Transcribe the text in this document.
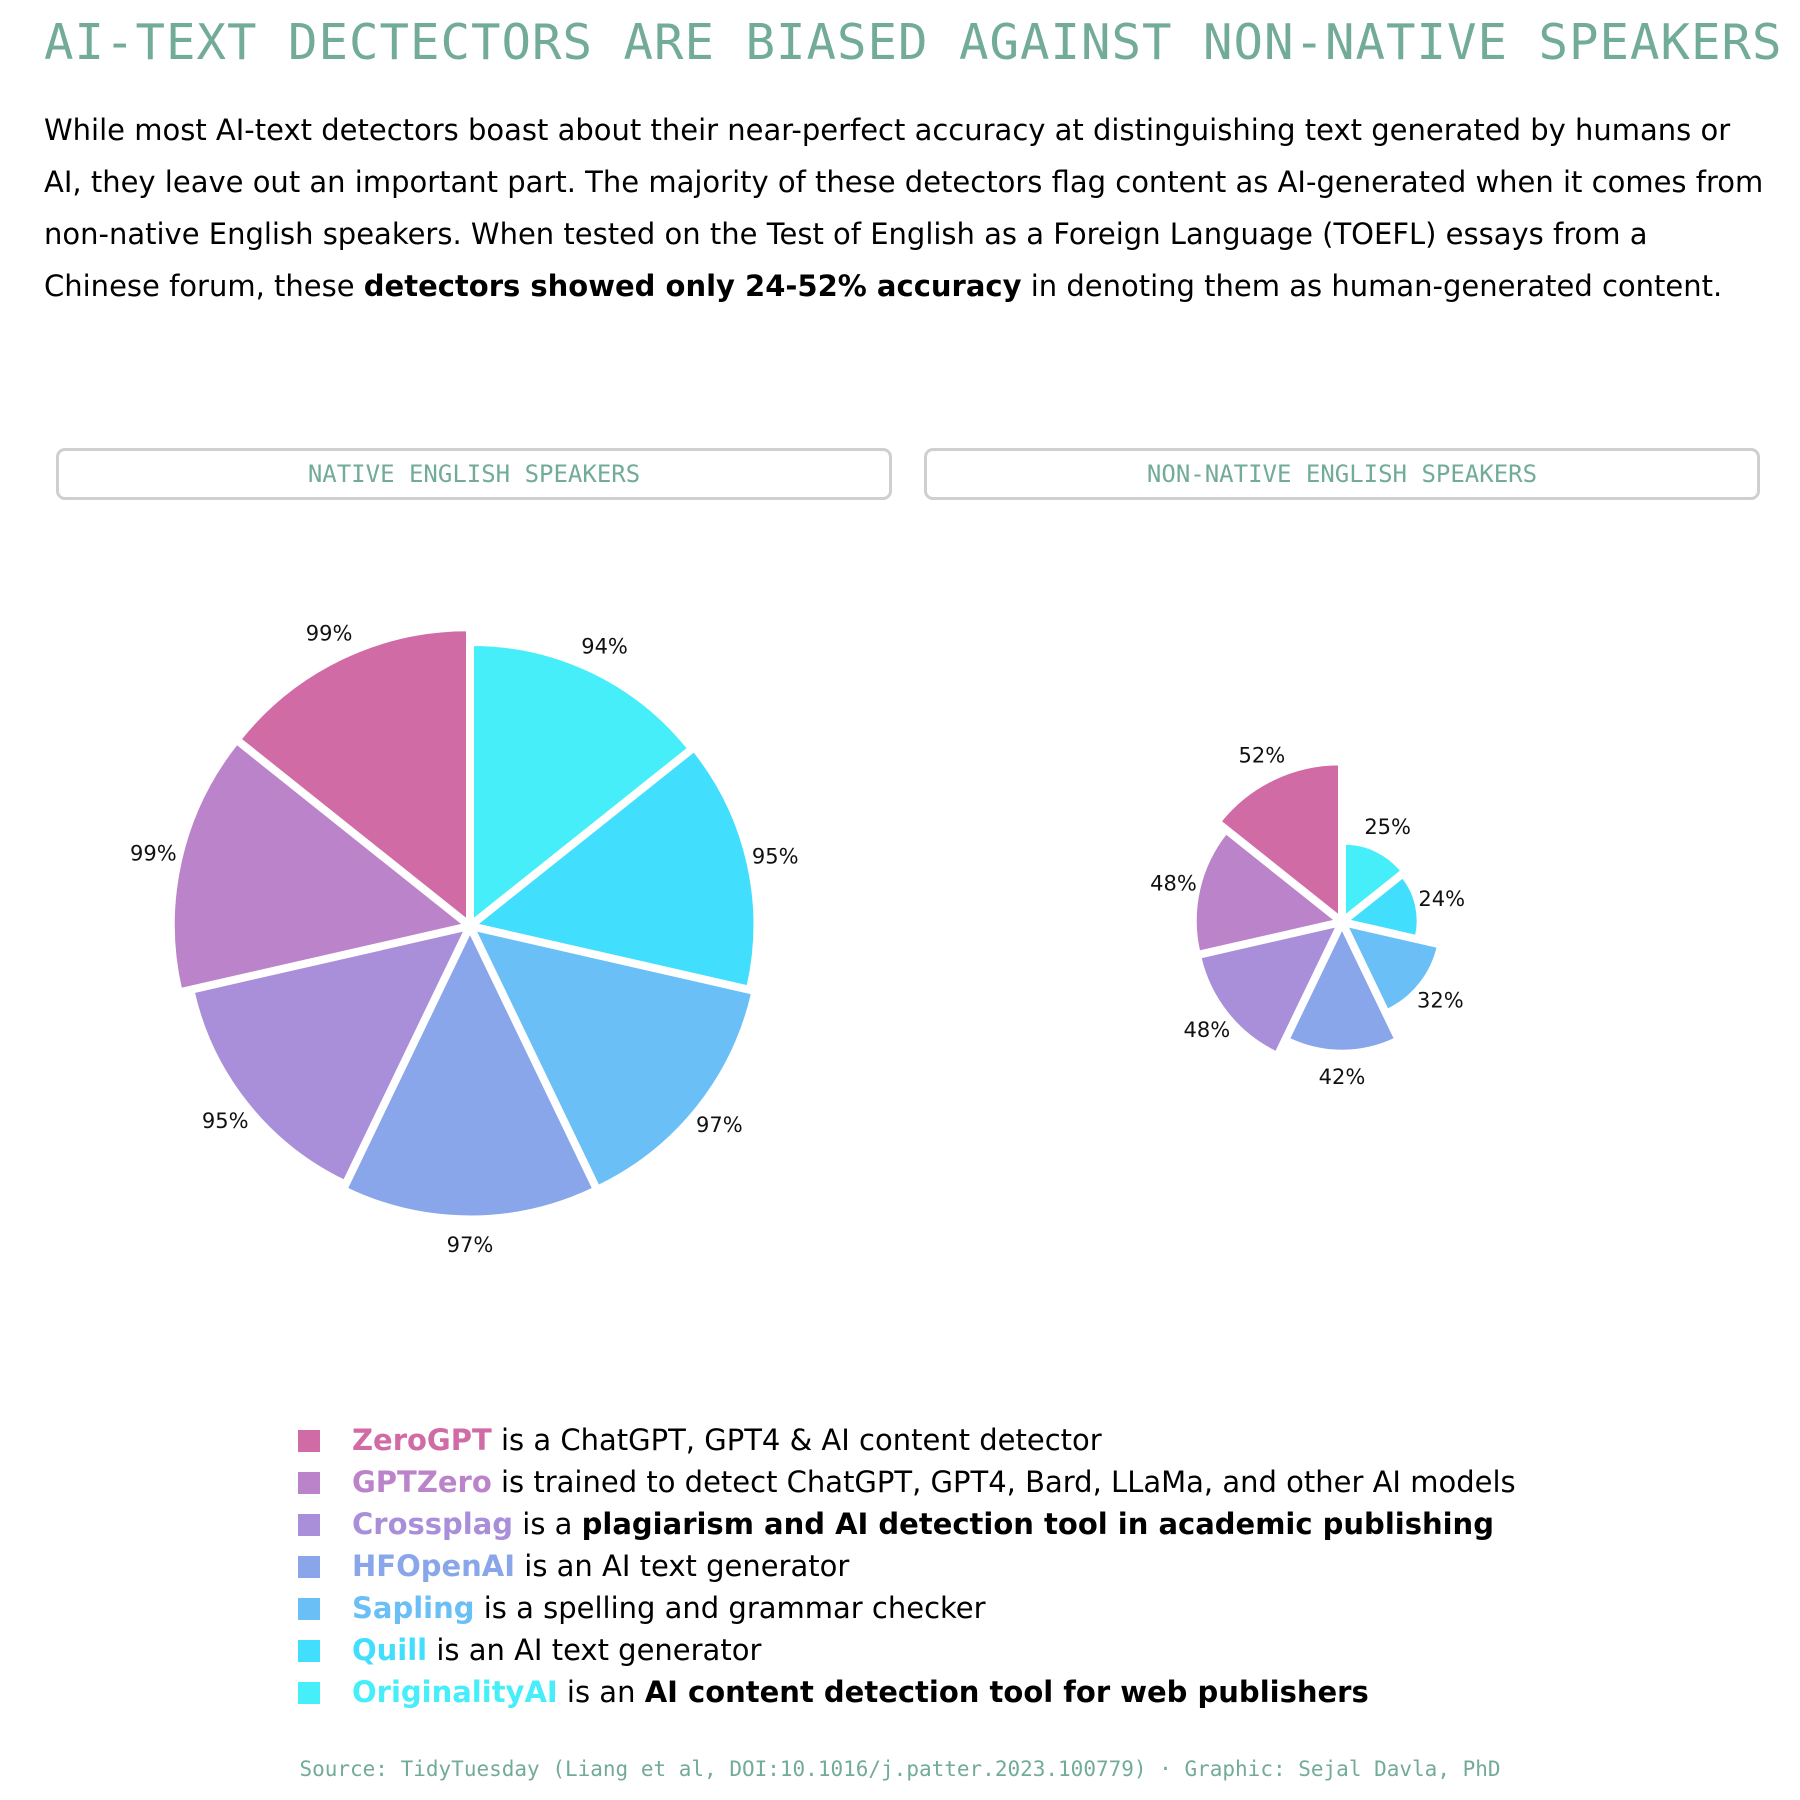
AI-TEXT DECTECTORS ARE BIASED AGAINST NON-NATIVE SPEAKERS

While most AI-text detectors boast about their near-perfect accuracy at distinguishing text generated by humans or AI, they leave out an important part. The majority of these detectors flag content as AI-generated when it comes from non-native English speakers. When tested on the Test of English as a Foreign Language (TOEFL) essays from a Chinese forum, these detectors showed only 24-52% accuracy in denoting them as human-generated content.

NATIVE ENGLISH SPEAKERS	NON-NATIVE ENGLISH SPEAKERS
99%
99%
95%
97%
97%
95%
94%
52%
48%
48%
42%
32%
24%
25%
ZeroGPT is a ChatGPT, GPT4 & AI content detector
GPTZero is trained to detect ChatGPT, GPT4, Bard, LLaMa, and other AI models
Crossplag is a plagiarism and AI detection tool in academic publishing
HFOpenAI is an AI text generator
Sapling is a spelling and grammar checker
Quill is an AI text generator
OriginalityAI is an AI content detection tool for web publishers
Source: TidyTuesday (Liang et al, DOI:10.1016/j.patter.2023.100779) · Graphic: Sejal Davla, PhD
